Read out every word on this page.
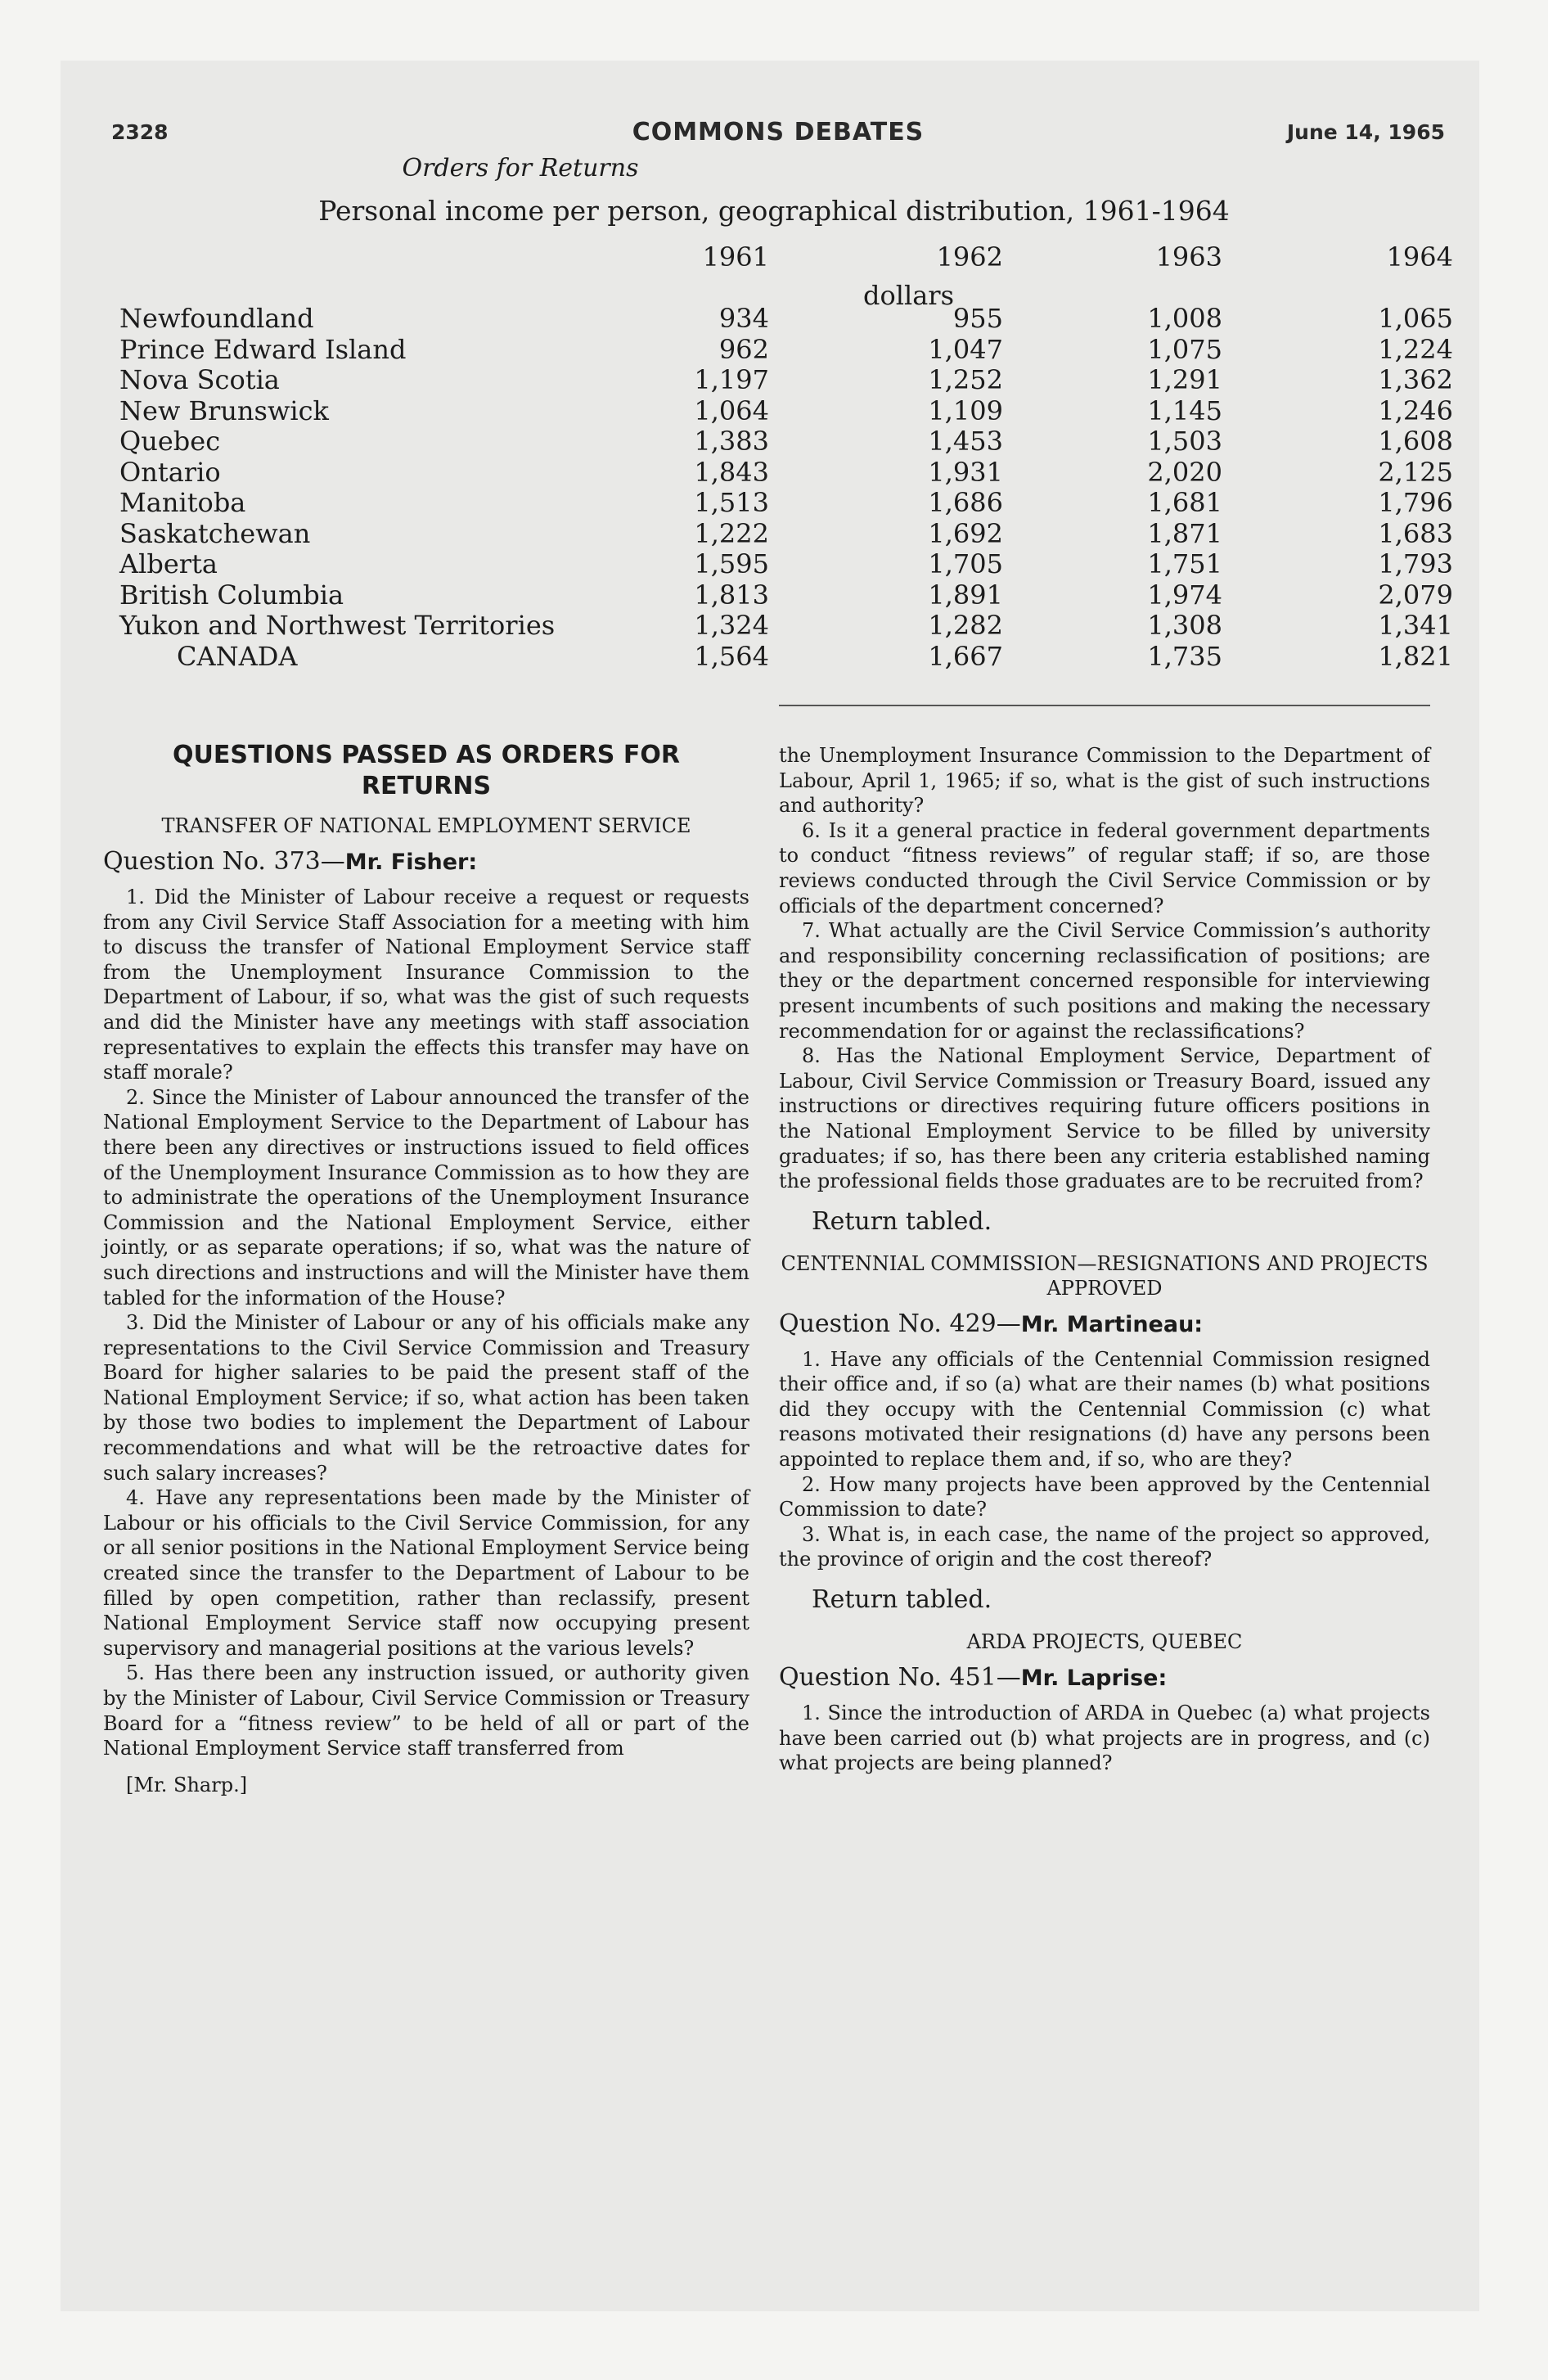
2328	COMMONS DEBATES	June 14, 1965
Orders for Returns
Personal income per person, geographical distribution, 1961-1964
1961	1962	1963	1964
Newfoundland	934	955	1,008	1,065
Prince Edward Island	962	1,047	1,075	1,224
Nova Scotia	1,197	1,252	1,291	1,362
New Brunswick	1,064	1,109	1,145	1,246
Quebec	1,383	1,453	1,503	1,608
Ontario	1,843	1,931	2,020	2,125
Manitoba	1,513	1,686	1,681	1,796
Saskatchewan	1,222	1,692	1,871	1,683
Alberta	1,595	1,705	1,751	1,793
British Columbia	1,813	1,891	1,974	2,079
Yukon and Northwest Territories	1,324	1,282	1,308	1,341
CANADA	1,564	1,667	1,735	1,821
dollars
QUESTIONS PASSED AS ORDERS FOR RETURNS
TRANSFER OF NATIONAL EMPLOYMENT SERVICE

Question No. 373—Mr. Fisher:

1. Did the Minister of Labour receive a request or requests from any Civil Service Staff Association for a meeting with him to discuss the transfer of National Employment Service staff from the Unemployment Insurance Commission to the Department of Labour, if so, what was the gist of such requests and did the Minister have any meetings with staff association representatives to explain the effects this transfer may have on staff morale?

2. Since the Minister of Labour announced the transfer of the National Employment Service to the Department of Labour has there been any directives or instructions issued to field offices of the Unemployment Insurance Commission as to how they are to administrate the operations of the Unemployment Insurance Commission and the National Employment Service, either jointly, or as separate operations; if so, what was the nature of such directions and instructions and will the Minister have them tabled for the information of the House?

3. Did the Minister of Labour or any of his officials make any representations to the Civil Service Commission and Treasury Board for higher salaries to be paid the present staff of the National Employment Service; if so, what action has been taken by those two bodies to implement the Department of Labour recommendations and what will be the retroactive dates for such salary increases?

4. Have any representations been made by the Minister of Labour or his officials to the Civil Service Commission, for any or all senior positions in the National Employment Service being created since the transfer to the Department of Labour to be filled by open competition, rather than reclassify, present National Employment Service staff now occupying present supervisory and managerial positions at the various levels?

5. Has there been any instruction issued, or authority given by the Minister of Labour, Civil Service Commission or Treasury Board for a “fitness review” to be held of all or part of the National Employment Service staff transferred from

[Mr. Sharp.]

the Unemployment Insurance Commission to the Department of Labour, April 1, 1965; if so, what is the gist of such instructions and authority?

6. Is it a general practice in federal government departments to conduct “fitness reviews” of regular staff; if so, are those reviews conducted through the Civil Service Commission or by officials of the department concerned?

7. What actually are the Civil Service Commission’s authority and responsibility concerning reclassification of positions; are they or the department concerned responsible for interviewing present incumbents of such positions and making the necessary recommendation for or against the reclassifications?

8. Has the National Employment Service, Department of Labour, Civil Service Commission or Treasury Board, issued any instructions or directives requiring future officers positions in the National Employment Service to be filled by university graduates; if so, has there been any criteria established naming the professional fields those graduates are to be recruited from?

Return tabled.

CENTENNIAL COMMISSION—RESIGNATIONS AND PROJECTS APPROVED

Question No. 429—Mr. Martineau:

1. Have any officials of the Centennial Commission resigned their office and, if so (a) what are their names (b) what positions did they occupy with the Centennial Commission (c) what reasons motivated their resignations (d) have any persons been appointed to replace them and, if so, who are they?

2. How many projects have been approved by the Centennial Commission to date?

3. What is, in each case, the name of the project so approved, the province of origin and the cost thereof?

Return tabled.

ARDA PROJECTS, QUEBEC

Question No. 451—Mr. Laprise:

1. Since the introduction of ARDA in Quebec (a) what projects have been carried out (b) what projects are in progress, and (c) what projects are being planned?
